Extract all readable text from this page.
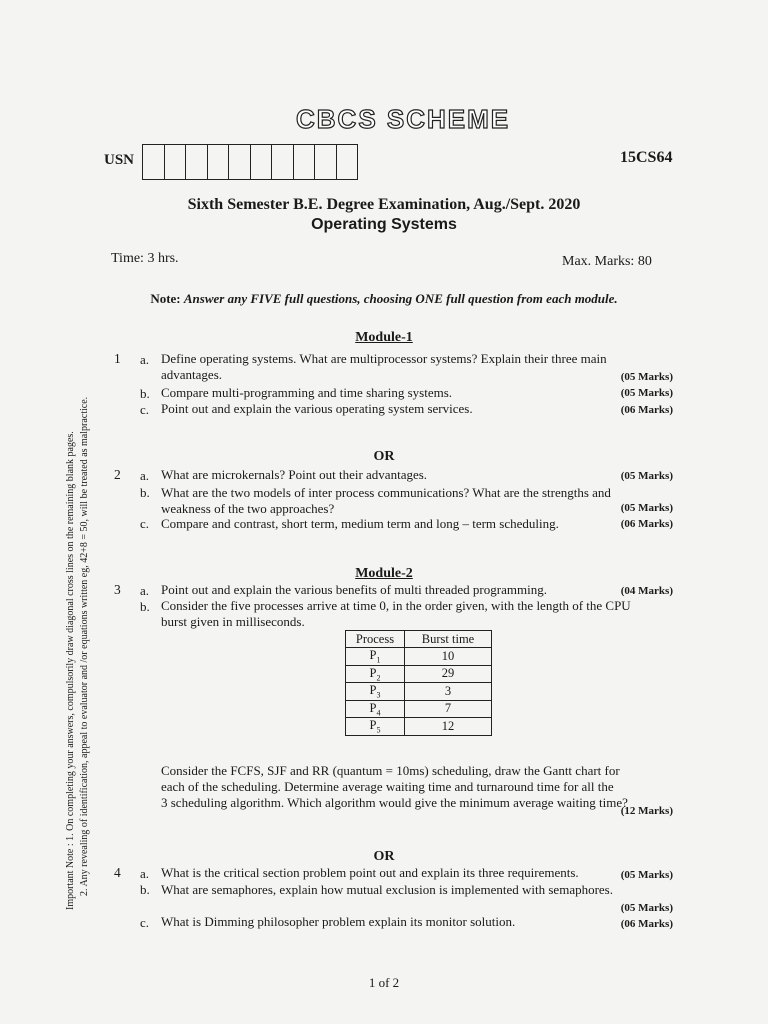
CBCS SCHEME
USN	15CS64
Sixth Semester B.E. Degree Examination, Aug./Sept. 2020
Operating Systems
Time: 3 hrs.	Max. Marks: 80
Note: Answer any FIVE full questions, choosing ONE full question from each module.
Important Note : 1. On completing your answers, compulsorily draw diagonal cross lines on the remaining blank pages. 2. Any revealing of identification, appeal to evaluator and /or equations written eg, 42+8 = 50, will be treated as malpractice.
Module-1
1 a. Define operating systems. What are multiprocessor systems? Explain their three main
advantages.	(05 Marks)
b. Compare multi-programming and time sharing systems.	(05 Marks)
c. Point out and explain the various operating system services.	(06 Marks)
OR
2 a. What are microkernals? Point out their advantages.	(05 Marks)
b. What are the two models of inter process communications? What are the strengths and
weakness of the two approaches?	(05 Marks)
c. Compare and contrast, short term, medium term and long – term scheduling.	(06 Marks)
Module-2
3 a. Point out and explain the various benefits of multi threaded programming.	(04 Marks)
b. Consider the five processes arrive at time 0, in the order given, with the length of the CPU
burst given in milliseconds.
Process	Burst time
$P_1$	10
$P_2$	29
$P_3$	3
$P_4$	7
$P_5$	12
Consider the FCFS, SJF and RR (quantum = 10ms) scheduling, draw the Gantt chart for
each of the scheduling. Determine average waiting time and turnaround time for all the
3 scheduling algorithm. Which algorithm would give the minimum average waiting time?
(12 Marks)
OR
4 a. What is the critical section problem point out and explain its three requirements.	(05 Marks)
b. What are semaphores, explain how mutual exclusion is implemented with semaphores.
(05 Marks)
c. What is Dimming philosopher problem explain its monitor solution.	(06 Marks)
1 of 2
